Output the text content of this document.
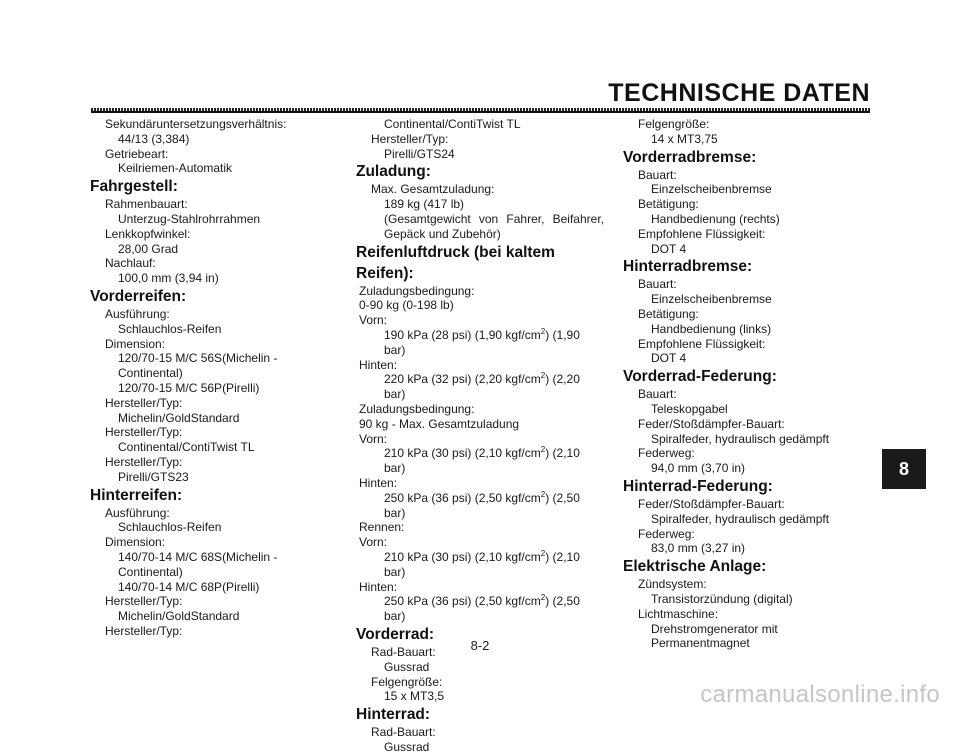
TECHNISCHE DATEN
Sekundäruntersetzungsverhältnis:
44/13 (3,384)
Getriebeart:
Keilriemen-Automatik
Fahrgestell:
Rahmenbauart:
Unterzug-Stahlrohrrahmen
Lenkkopfwinkel:
28,00 Grad
Nachlauf:
100,0 mm (3,94 in)
Vorderreifen:
Ausführung:
Schlauchlos-Reifen
Dimension:
120/70-15 M/C 56S(Michelin -
Continental)
120/70-15 M/C 56P(Pirelli)
Hersteller/Typ:
Michelin/GoldStandard
Hersteller/Typ:
Continental/ContiTwist TL
Hersteller/Typ:
Pirelli/GTS23
Hinterreifen:
Ausführung:
Schlauchlos-Reifen
Dimension:
140/70-14 M/C 68S(Michelin -
Continental)
140/70-14 M/C 68P(Pirelli)
Hersteller/Typ:
Michelin/GoldStandard
Hersteller/Typ:
Continental/ContiTwist TL
Hersteller/Typ:
Pirelli/GTS24
Zuladung:
Max. Gesamtzuladung:
189 kg (417 lb)
(Gesamtgewicht von Fahrer, Beifahrer,
Gepäck und Zubehör)
Reifenluftdruck (bei kaltem Reifen):
Zuladungsbedingung:
0-90 kg (0-198 lb)
Vorn:
190 kPa (28 psi) (1,90 kgf/$cm^2$) (1,90 bar)
Hinten:
220 kPa (32 psi) (2,20 kgf/$cm^2$) (2,20 bar)
Zuladungsbedingung:
90 kg - Max. Gesamtzuladung
Vorn:
210 kPa (30 psi) (2,10 kgf/$cm^2$) (2,10 bar)
Hinten:
250 kPa (36 psi) (2,50 kgf/$cm^2$) (2,50 bar)
Rennen:
Vorn:
210 kPa (30 psi) (2,10 kgf/$cm^2$) (2,10 bar)
Hinten:
250 kPa (36 psi) (2,50 kgf/$cm^2$) (2,50 bar)
Vorderrad:
Rad-Bauart:
Gussrad
Felgengröße:
15 x MT3,5
Hinterrad:
Rad-Bauart:
Gussrad
Felgengröße:
14 x MT3,75
Vorderradbremse:
Bauart:
Einzelscheibenbremse
Betätigung:
Handbedienung (rechts)
Empfohlene Flüssigkeit:
DOT 4
Hinterradbremse:
Bauart:
Einzelscheibenbremse
Betätigung:
Handbedienung (links)
Empfohlene Flüssigkeit:
DOT 4
Vorderrad-Federung:
Bauart:
Teleskopgabel
Feder/Stoßdämpfer-Bauart:
Spiralfeder, hydraulisch gedämpft
Federweg:
94,0 mm (3,70 in)
Hinterrad-Federung:
Feder/Stoßdämpfer-Bauart:
Spiralfeder, hydraulisch gedämpft
Federweg:
83,0 mm (3,27 in)
Elektrische Anlage:
Zündsystem:
Transistorzündung (digital)
Lichtmaschine:
Drehstromgenerator mit
Permanentmagnet
8
8-2
carmanualsonline.info
